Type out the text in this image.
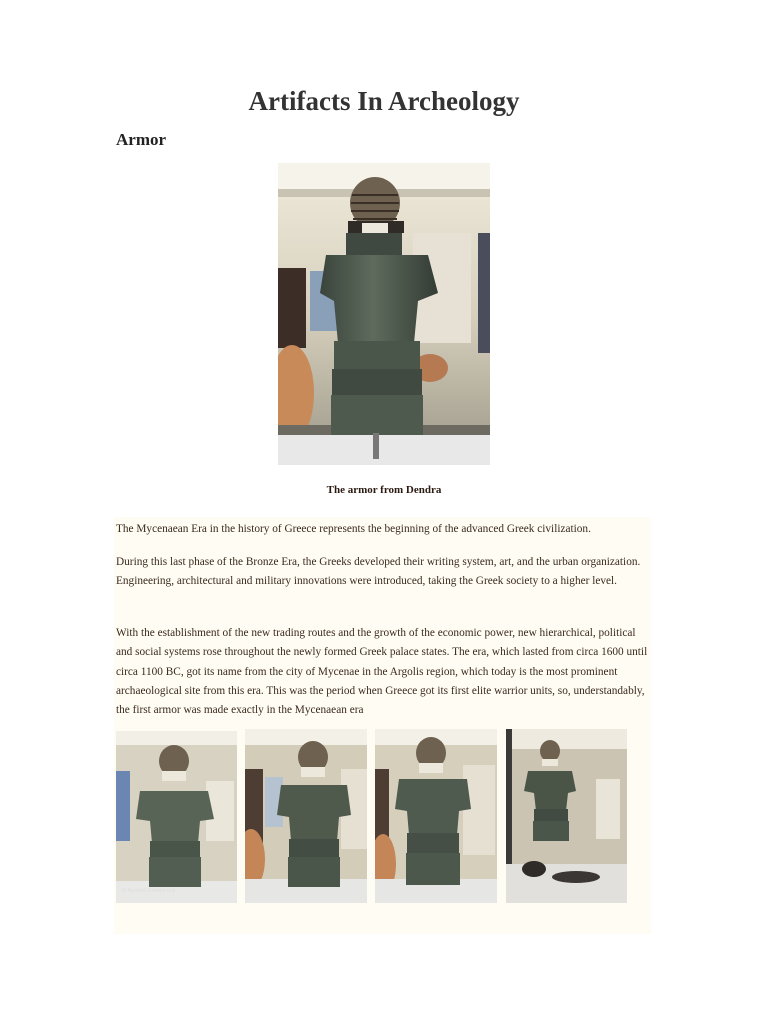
Artifacts In Archeology
Armor
The armor from Dendra

The Mycenaean Era in the history of Greece represents the beginning of the advanced Greek civilization.

During this last phase of the Bronze Era, the Greeks developed their writing system, art, and the urban organization. Engineering, architectural and military innovations were introduced, taking the Greek society to a higher level.

With the establishment of the new trading routes and the growth of the economic power, new hierarchical, political and social systems rose throughout the newly formed Greek palace states. The era, which lasted from circa 1600 until circa 1100 BC, got its name from the city of Mycenae in the Argolis region, which today is the most prominent archaeological site from this era. This was the period when Greece got its first elite warrior units, so, understandably, the first armor was made exactly in the Mycenaean era

© Ancient-Greece.org
